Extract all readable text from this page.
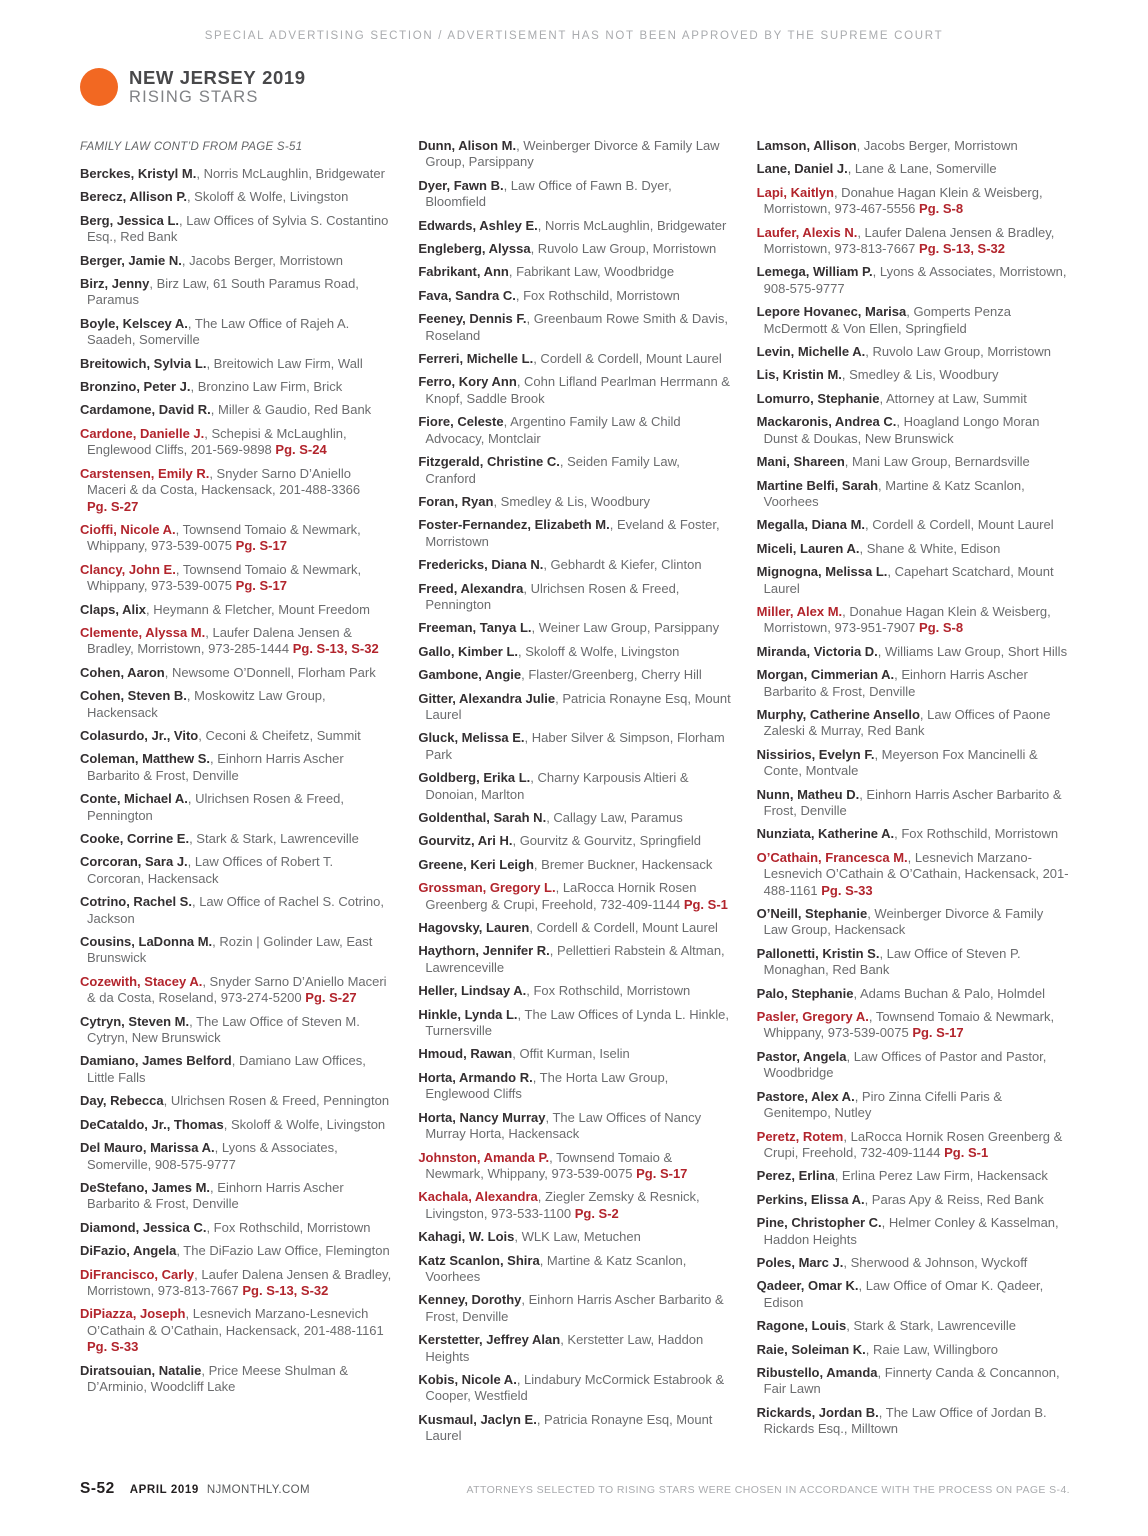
SPECIAL ADVERTISING SECTION / ADVERTISEMENT HAS NOT BEEN APPROVED BY THE SUPREME COURT
NEW JERSEY 2019
RISING STARS
FAMILY LAW CONT’D FROM PAGE S-51

Berckes, Kristyl M., Norris McLaughlin, Bridgewater

Berecz, Allison P., Skoloff & Wolfe, Livingston

Berg, Jessica L., Law Offices of Sylvia S. Costantino Esq., Red Bank

Berger, Jamie N., Jacobs Berger, Morristown

Birz, Jenny, Birz Law, 61 South Paramus Road, Paramus

Boyle, Kelscey A., The Law Office of Rajeh A. Saadeh, Somerville

Breitowich, Sylvia L., Breitowich Law Firm, Wall

Bronzino, Peter J., Bronzino Law Firm, Brick

Cardamone, David R., Miller & Gaudio, Red Bank

Cardone, Danielle J., Schepisi & McLaughlin, Englewood Cliffs, 201-569-9898 Pg. S-24

Carstensen, Emily R., Snyder Sarno D’Aniello Maceri & da Costa, Hackensack, 201-488-3366 Pg. S-27

Cioffi, Nicole A., Townsend Tomaio & Newmark, Whippany, 973-539-0075 Pg. S-17

Clancy, John E., Townsend Tomaio & Newmark, Whippany, 973-539-0075 Pg. S-17

Claps, Alix, Heymann & Fletcher, Mount Freedom

Clemente, Alyssa M., Laufer Dalena Jensen & Bradley, Morristown, 973-285-1444 Pg. S-13, S-32

Cohen, Aaron, Newsome O’Donnell, Florham Park

Cohen, Steven B., Moskowitz Law Group, Hackensack

Colasurdo, Jr., Vito, Ceconi & Cheifetz, Summit

Coleman, Matthew S., Einhorn Harris Ascher Barbarito & Frost, Denville

Conte, Michael A., Ulrichsen Rosen & Freed, Pennington

Cooke, Corrine E., Stark & Stark, Lawrenceville

Corcoran, Sara J., Law Offices of Robert T. Corcoran, Hackensack

Cotrino, Rachel S., Law Office of Rachel S. Cotrino, Jackson

Cousins, LaDonna M., Rozin | Golinder Law, East Brunswick

Cozewith, Stacey A., Snyder Sarno D’Aniello Maceri & da Costa, Roseland, 973-274-5200 Pg. S-27

Cytryn, Steven M., The Law Office of Steven M. Cytryn, New Brunswick

Damiano, James Belford, Damiano Law Offices, Little Falls

Day, Rebecca, Ulrichsen Rosen & Freed, Pennington

DeCataldo, Jr., Thomas, Skoloff & Wolfe, Livingston

Del Mauro, Marissa A., Lyons & Associates, Somerville, 908-575-9777

DeStefano, James M., Einhorn Harris Ascher Barbarito & Frost, Denville

Diamond, Jessica C., Fox Rothschild, Morristown

DiFazio, Angela, The DiFazio Law Office, Flemington

DiFrancisco, Carly, Laufer Dalena Jensen & Bradley, Morristown, 973-813-7667 Pg. S-13, S-32

DiPiazza, Joseph, Lesnevich Marzano-Lesnevich O’Cathain & O’Cathain, Hackensack, 201-488-1161 Pg. S-33

Diratsouian, Natalie, Price Meese Shulman & D’Arminio, Woodcliff Lake

Dunn, Alison M., Weinberger Divorce & Family Law Group, Parsippany

Dyer, Fawn B., Law Office of Fawn B. Dyer, Bloomfield

Edwards, Ashley E., Norris McLaughlin, Bridgewater

Engleberg, Alyssa, Ruvolo Law Group, Morristown

Fabrikant, Ann, Fabrikant Law, Woodbridge

Fava, Sandra C., Fox Rothschild, Morristown

Feeney, Dennis F., Greenbaum Rowe Smith & Davis, Roseland

Ferreri, Michelle L., Cordell & Cordell, Mount Laurel

Ferro, Kory Ann, Cohn Lifland Pearlman Herrmann & Knopf, Saddle Brook

Fiore, Celeste, Argentino Family Law & Child Advocacy, Montclair

Fitzgerald, Christine C., Seiden Family Law, Cranford

Foran, Ryan, Smedley & Lis, Woodbury

Foster-Fernandez, Elizabeth M., Eveland & Foster, Morristown

Fredericks, Diana N., Gebhardt & Kiefer, Clinton

Freed, Alexandra, Ulrichsen Rosen & Freed, Pennington

Freeman, Tanya L., Weiner Law Group, Parsippany

Gallo, Kimber L., Skoloff & Wolfe, Livingston

Gambone, Angie, Flaster/Greenberg, Cherry Hill

Gitter, Alexandra Julie, Patricia Ronayne Esq, Mount Laurel

Gluck, Melissa E., Haber Silver & Simpson, Florham Park

Goldberg, Erika L., Charny Karpousis Altieri & Donoian, Marlton

Goldenthal, Sarah N., Callagy Law, Paramus

Gourvitz, Ari H., Gourvitz & Gourvitz, Springfield

Greene, Keri Leigh, Bremer Buckner, Hackensack

Grossman, Gregory L., LaRocca Hornik Rosen Greenberg & Crupi, Freehold, 732-409-1144 Pg. S-1

Hagovsky, Lauren, Cordell & Cordell, Mount Laurel

Haythorn, Jennifer R., Pellettieri Rabstein & Altman, Lawrenceville

Heller, Lindsay A., Fox Rothschild, Morristown

Hinkle, Lynda L., The Law Offices of Lynda L. Hinkle, Turnersville

Hmoud, Rawan, Offit Kurman, Iselin

Horta, Armando R., The Horta Law Group, Englewood Cliffs

Horta, Nancy Murray, The Law Offices of Nancy Murray Horta, Hackensack

Johnston, Amanda P., Townsend Tomaio & Newmark, Whippany, 973-539-0075 Pg. S-17

Kachala, Alexandra, Ziegler Zemsky & Resnick, Livingston, 973-533-1100 Pg. S-2

Kahagi, W. Lois, WLK Law, Metuchen

Katz Scanlon, Shira, Martine & Katz Scanlon, Voorhees

Kenney, Dorothy, Einhorn Harris Ascher Barbarito & Frost, Denville

Kerstetter, Jeffrey Alan, Kerstetter Law, Haddon Heights

Kobis, Nicole A., Lindabury McCormick Estabrook & Cooper, Westfield

Kusmaul, Jaclyn E., Patricia Ronayne Esq, Mount Laurel

Lamson, Allison, Jacobs Berger, Morristown

Lane, Daniel J., Lane & Lane, Somerville

Lapi, Kaitlyn, Donahue Hagan Klein & Weisberg, Morristown, 973-467-5556 Pg. S-8

Laufer, Alexis N., Laufer Dalena Jensen & Bradley, Morristown, 973-813-7667 Pg. S-13, S-32

Lemega, William P., Lyons & Associates, Morristown, 908-575-9777

Lepore Hovanec, Marisa, Gomperts Penza McDermott & Von Ellen, Springfield

Levin, Michelle A., Ruvolo Law Group, Morristown

Lis, Kristin M., Smedley & Lis, Woodbury

Lomurro, Stephanie, Attorney at Law, Summit

Mackaronis, Andrea C., Hoagland Longo Moran Dunst & Doukas, New Brunswick

Mani, Shareen, Mani Law Group, Bernardsville

Martine Belfi, Sarah, Martine & Katz Scanlon, Voorhees

Megalla, Diana M., Cordell & Cordell, Mount Laurel

Miceli, Lauren A., Shane & White, Edison

Mignogna, Melissa L., Capehart Scatchard, Mount Laurel

Miller, Alex M., Donahue Hagan Klein & Weisberg, Morristown, 973-951-7907 Pg. S-8

Miranda, Victoria D., Williams Law Group, Short Hills

Morgan, Cimmerian A., Einhorn Harris Ascher Barbarito & Frost, Denville

Murphy, Catherine Ansello, Law Offices of Paone Zaleski & Murray, Red Bank

Nissirios, Evelyn F., Meyerson Fox Mancinelli & Conte, Montvale

Nunn, Matheu D., Einhorn Harris Ascher Barbarito & Frost, Denville

Nunziata, Katherine A., Fox Rothschild, Morristown

O’Cathain, Francesca M., Lesnevich Marzano-Lesnevich O’Cathain & O’Cathain, Hackensack, 201-488-1161 Pg. S-33

O’Neill, Stephanie, Weinberger Divorce & Family Law Group, Hackensack

Pallonetti, Kristin S., Law Office of Steven P. Monaghan, Red Bank

Palo, Stephanie, Adams Buchan & Palo, Holmdel

Pasler, Gregory A., Townsend Tomaio & Newmark, Whippany, 973-539-0075 Pg. S-17

Pastor, Angela, Law Offices of Pastor and Pastor, Woodbridge

Pastore, Alex A., Piro Zinna Cifelli Paris & Genitempo, Nutley

Peretz, Rotem, LaRocca Hornik Rosen Greenberg & Crupi, Freehold, 732-409-1144 Pg. S-1

Perez, Erlina, Erlina Perez Law Firm, Hackensack

Perkins, Elissa A., Paras Apy & Reiss, Red Bank

Pine, Christopher C., Helmer Conley & Kasselman, Haddon Heights

Poles, Marc J., Sherwood & Johnson, Wyckoff

Qadeer, Omar K., Law Office of Omar K. Qadeer, Edison

Ragone, Louis, Stark & Stark, Lawrenceville

Raie, Soleiman K., Raie Law, Willingboro

Ribustello, Amanda, Finnerty Canda & Concannon, Fair Lawn

Rickards, Jordan B., The Law Office of Jordan B. Rickards Esq., Milltown

S-52 APRIL 2019 NJMONTHLY.COM	ATTORNEYS SELECTED TO RISING STARS WERE CHOSEN IN ACCORDANCE WITH THE PROCESS ON PAGE S-4.
